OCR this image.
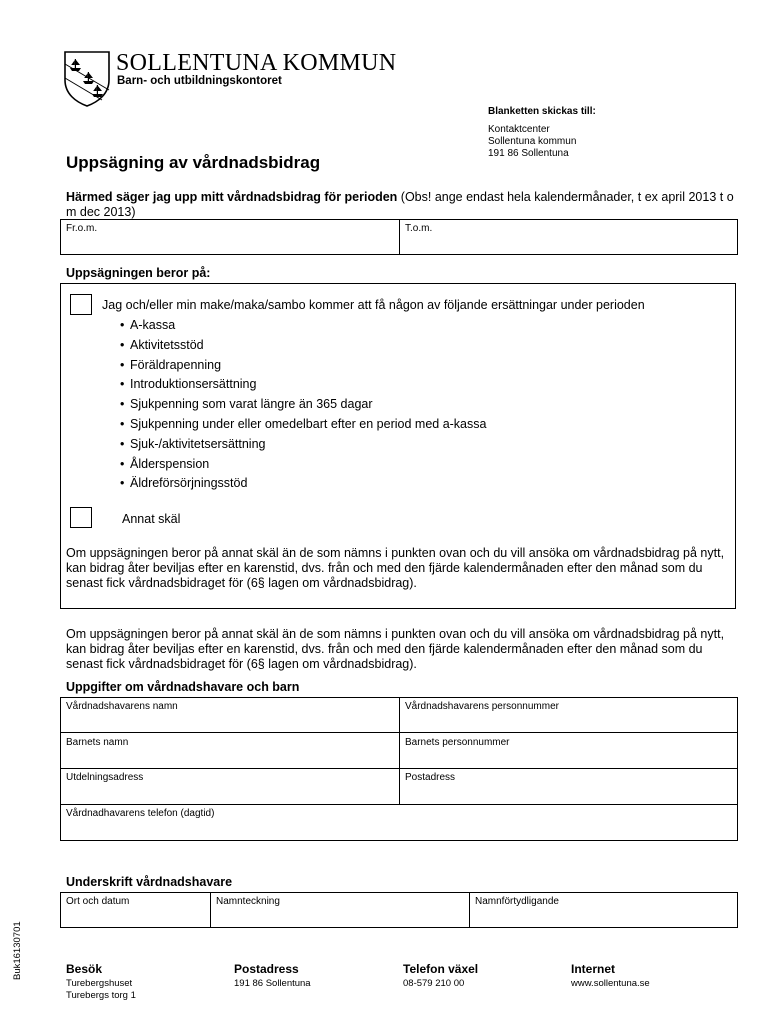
SOLLENTUNA KOMMUN
Barn- och utbildningskontoret
Blanketten skickas till:
Kontaktcenter
Sollentuna kommun
191 86 Sollentuna
Uppsägning av vårdnadsbidrag
Härmed säger jag upp mitt vårdnadsbidrag för perioden (Obs! ange endast hela kalendermånader, t ex april 2013 t o m dec 2013)
Fr.o.m.	T.o.m.
Uppsägningen beror på:
Jag och/eller min make/maka/sambo kommer att få någon av följande ersättningar under perioden
• A-kassa
• Aktivitetsstöd
• Föräldrapenning
• Introduktionsersättning
• Sjukpenning som varat längre än 365 dagar
• Sjukpenning under eller omedelbart efter en period med a-kassa
• Sjuk-/aktivitetsersättning
• Ålderspension
• Äldreförsörjningsstöd
Annat skäl
Om uppsägningen beror på annat skäl än de som nämns i punkten ovan och du vill ansöka om vårdnadsbidrag på nytt, kan bidrag åter beviljas efter en karenstid, dvs. från och med den fjärde kalendermånaden efter den månad som du senast fick vårdnadsbidraget för (6§ lagen om vårdnadsbidrag).
Om uppsägningen beror på annat skäl än de som nämns i punkten ovan och du vill ansöka om vårdnadsbidrag på nytt, kan bidrag åter beviljas efter en karenstid, dvs. från och med den fjärde kalendermånaden efter den månad som du senast fick vårdnadsbidraget för (6§ lagen om vårdnadsbidrag).
Uppgifter om vårdnadshavare och barn
Vårdnadshavarens namn	Vårdnadshavarens personnummer
Barnets namn	Barnets personnummer
Utdelningsadress	Postadress
Vårdnadhavarens telefon (dagtid)
Underskrift vårdnadshavare
Ort och datum	Namnteckning	Namnförtydligande
Buk16130701	Besök
Turebergshuset
Turebergs torg 1
Postadress
191 86 Sollentuna
Telefon växel
08-579 210 00
Internet
www.sollentuna.se
